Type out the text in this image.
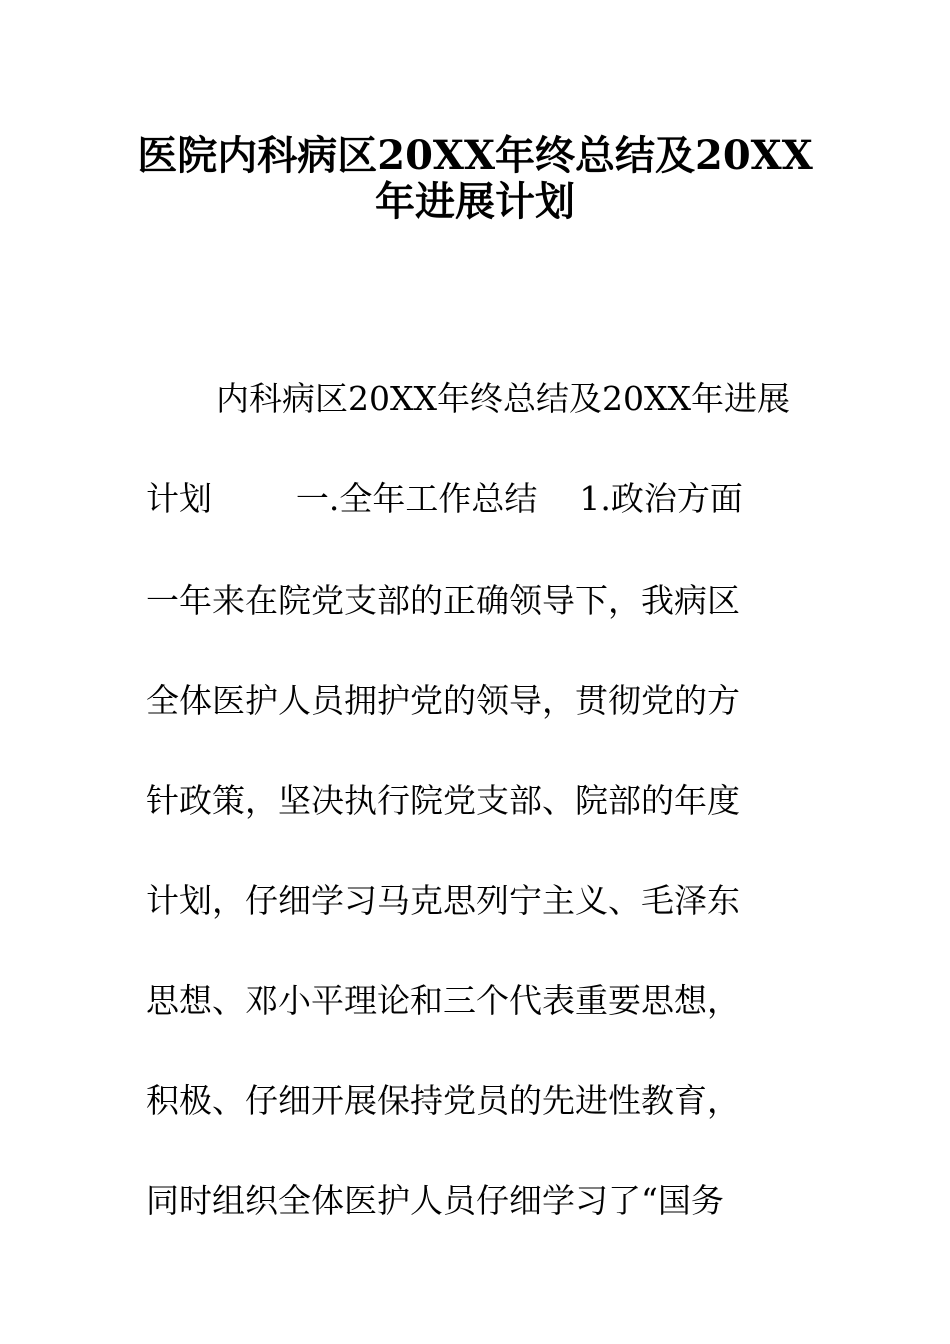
医院内科病区20XX年终总结及20XX
年进展计划
内科病区20XX年终总结及20XX年进展
计划        一.全年工作总结    1.政治方面
一年来在院党支部的正确领导下，我病区
全体医护人员拥护党的领导，贯彻党的方
针政策，坚决执行院党支部、院部的年度
计划，仔细学习马克思列宁主义、毛泽东
思想、邓小平理论和三个代表重要思想，
积极、仔细开展保持党员的先进性教育，
同时组织全体医护人员仔细学习了“国务
